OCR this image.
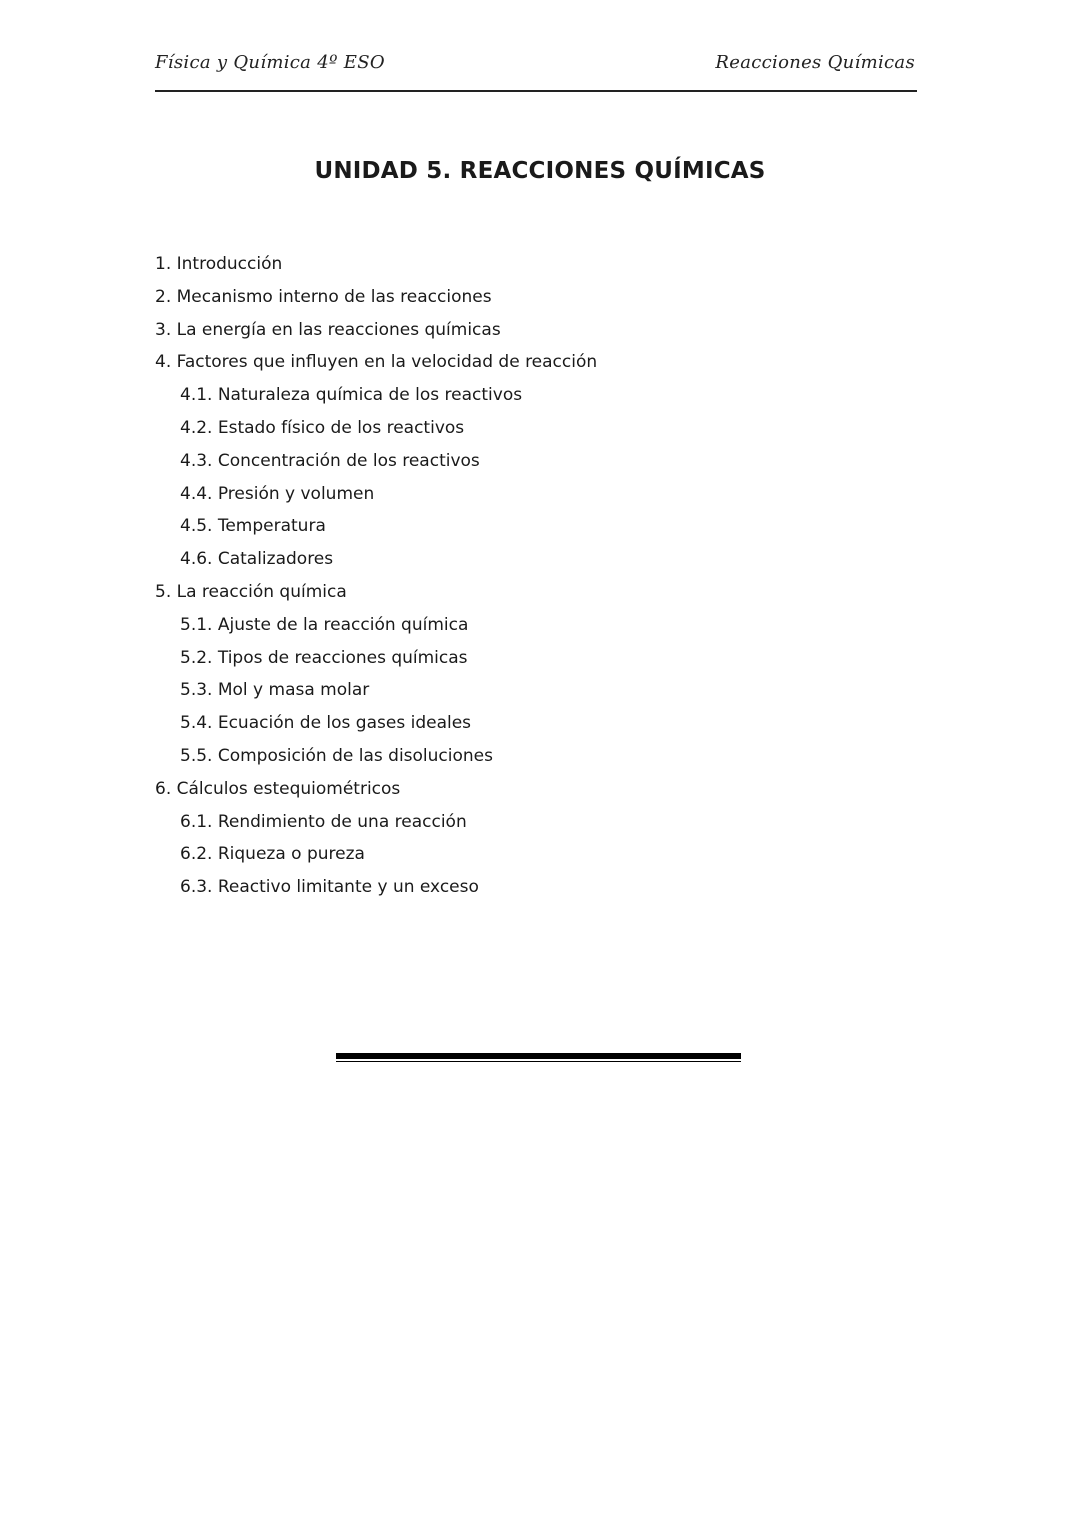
Física y Química 4º ESO	Reacciones Químicas
UNIDAD 5. REACCIONES QUÍMICAS
1. Introducción
2. Mecanismo interno de las reacciones
3. La energía en las reacciones químicas
4. Factores que influyen en la velocidad de reacción
4.1. Naturaleza química de los reactivos
4.2. Estado físico de los reactivos
4.3. Concentración de los reactivos
4.4. Presión y volumen
4.5. Temperatura
4.6. Catalizadores
5. La reacción química
5.1. Ajuste de la reacción química
5.2. Tipos de reacciones químicas
5.3. Mol y masa molar
5.4. Ecuación de los gases ideales
5.5. Composición de las disoluciones
6. Cálculos estequiométricos
6.1. Rendimiento de una reacción
6.2. Riqueza o pureza
6.3. Reactivo limitante y un exceso
